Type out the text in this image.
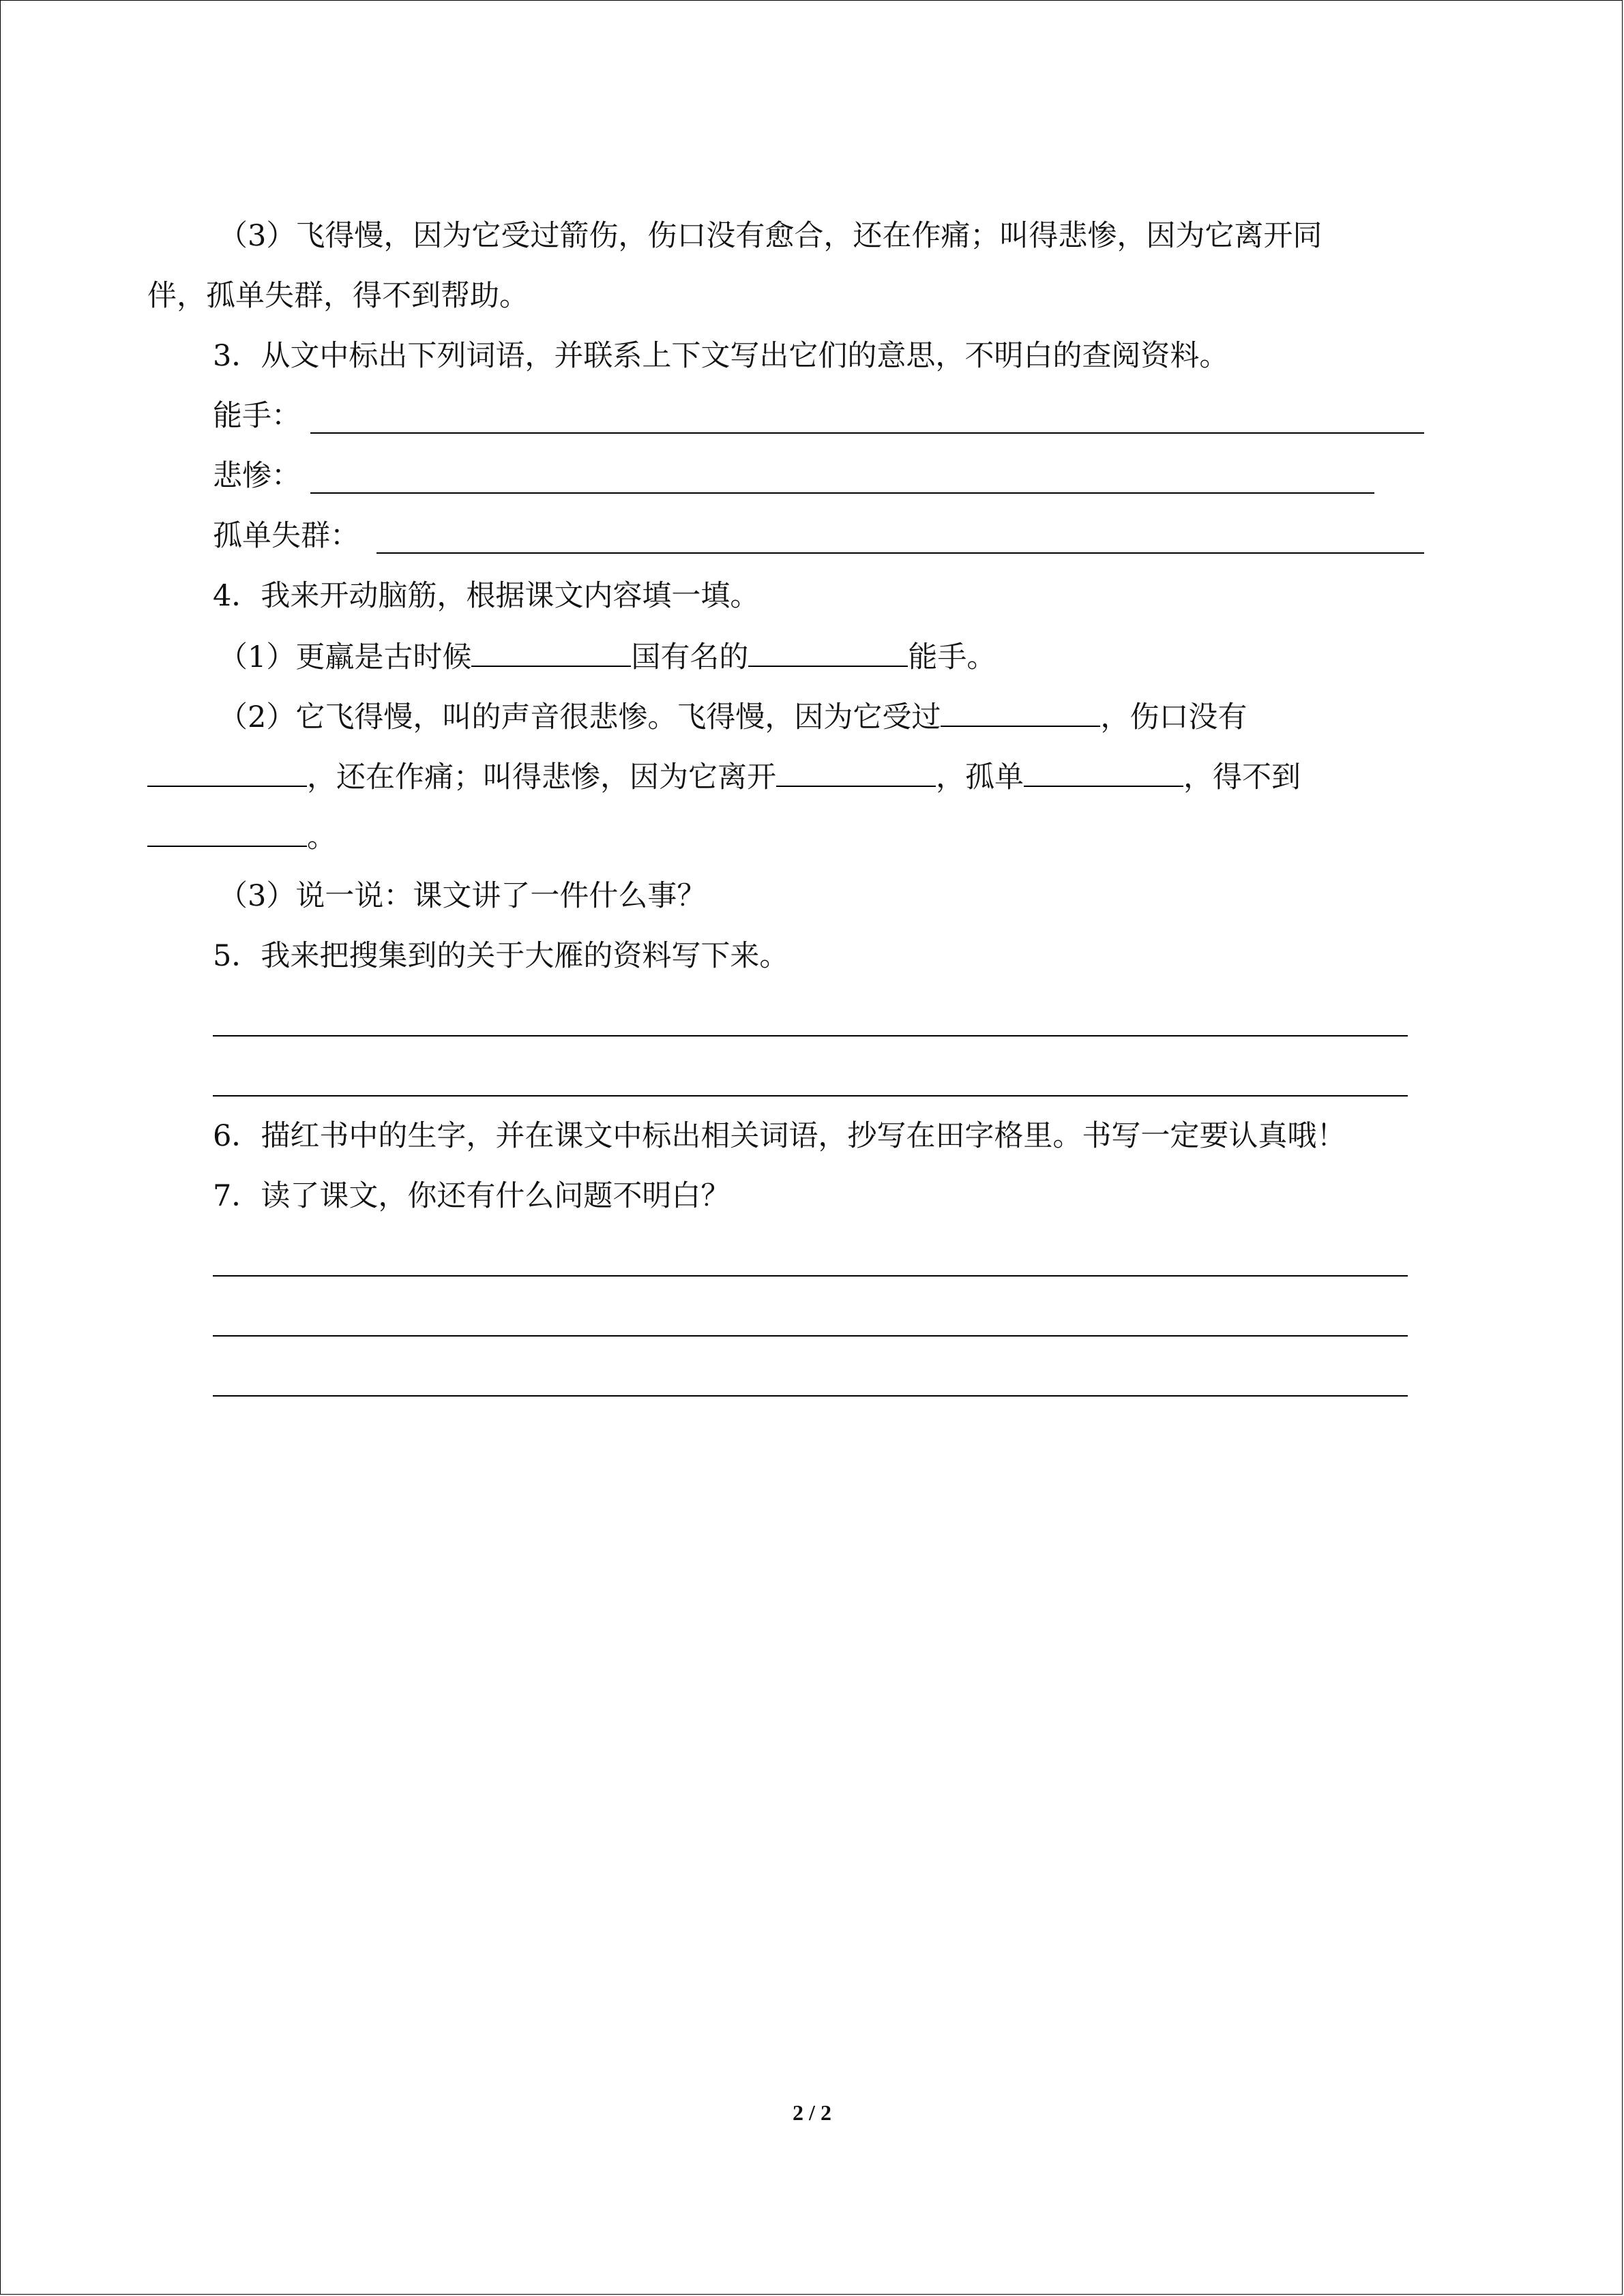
（3）飞得慢，因为它受过箭伤，伤口没有愈合，还在作痛；叫得悲惨，因为它离开同
伴，孤单失群，得不到帮助。
3．从文中标出下列词语，并联系上下文写出它们的意思，不明白的查阅资料。
能手：
悲惨：
孤单失群：
4．我来开动脑筋，根据课文内容填一填。
（1）更羸是古时候	国有名的	能手。
（2）它飞得慢，叫的声音很悲惨。飞得慢，因为它受过	，伤口没有
，还在作痛；叫得悲惨，因为它离开	，孤单	，得不到
。
（3）说一说：课文讲了一件什么事？
5．我来把搜集到的关于大雁的资料写下来。
6．描红书中的生字，并在课文中标出相关词语，抄写在田字格里。书写一定要认真哦！
7．读了课文，你还有什么问题不明白？
2 / 2
